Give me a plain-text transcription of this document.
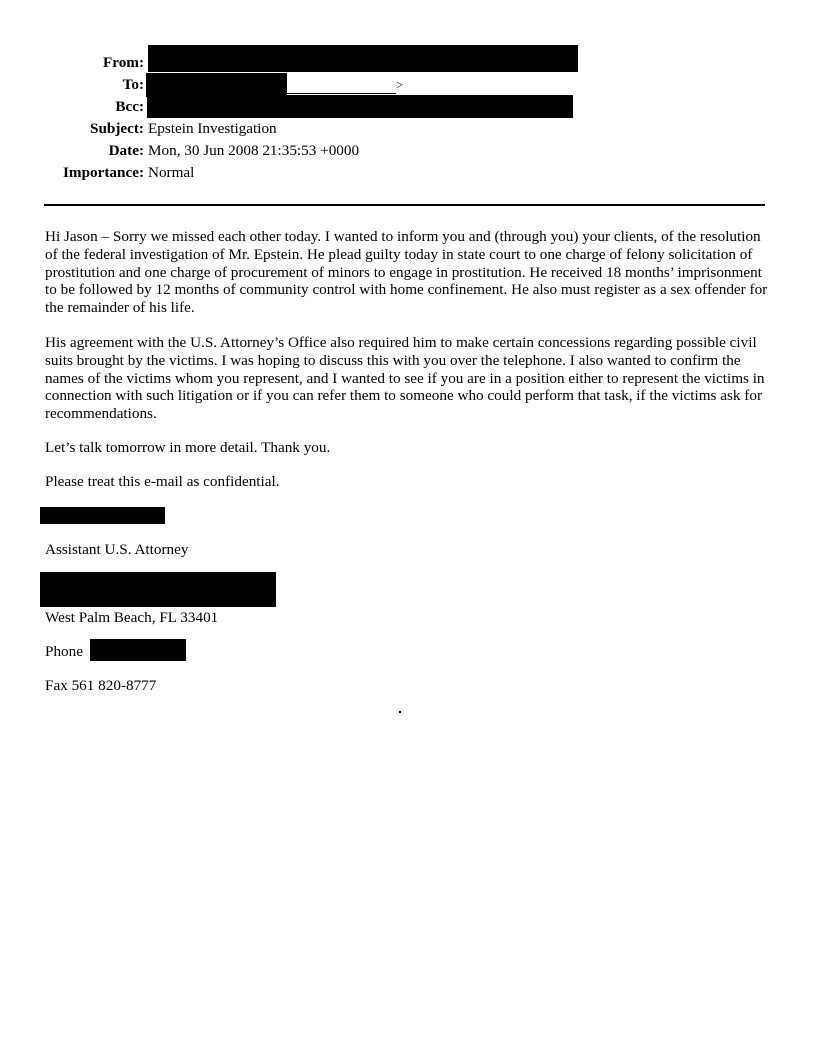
From:
To:	>
Bcc:
Subject: Epstein Investigation
Date: Mon, 30 Jun 2008 21:35:53 +0000
Importance: Normal

Hi Jason – Sorry we missed each other today. I wanted to inform you and (through you) your clients, of the resolution of the federal investigation of Mr. Epstein. He plead guilty today in state court to one charge of felony solicitation of prostitution and one charge of procurement of minors to engage in prostitution. He received 18 months’ imprisonment to be followed by 12 months of community control with home confinement. He also must register as a sex offender for the remainder of his life.

His agreement with the U.S. Attorney’s Office also required him to make certain concessions regarding possible civil suits brought by the victims. I was hoping to discuss this with you over the telephone. I also wanted to confirm the names of the victims whom you represent, and I wanted to see if you are in a position either to represent the victims in connection with such litigation or if you can refer them to someone who could perform that task, if the victims ask for recommendations.

Let’s talk tomorrow in more detail. Thank you.

Please treat this e-mail as confidential.

Assistant U.S. Attorney
West Palm Beach, FL 33401
Phone
Fax 561 820-8777
